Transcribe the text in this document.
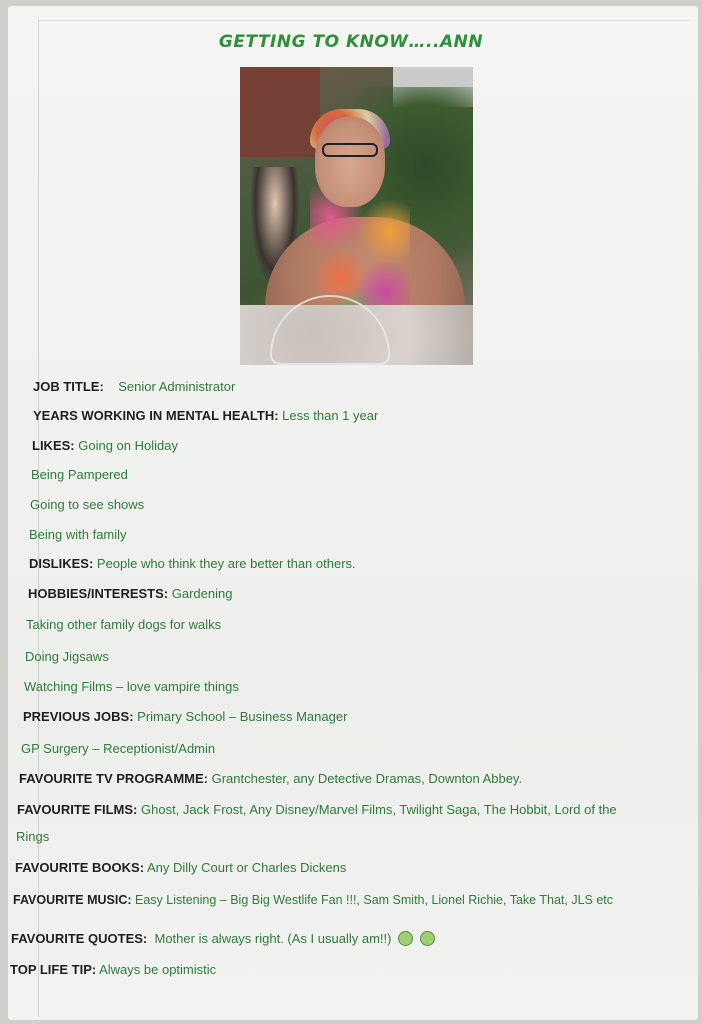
GETTING TO KNOW…..ANN
JOB TITLE: Senior Administrator
YEARS WORKING IN MENTAL HEALTH: Less than 1 year
LIKES: Going on Holiday
Being Pampered
Going to see shows
Being with family
DISLIKES: People who think they are better than others.
HOBBIES/INTERESTS: Gardening
Taking other family dogs for walks
Doing Jigsaws
Watching Films – love vampire things
PREVIOUS JOBS: Primary School – Business Manager
GP Surgery – Receptionist/Admin
FAVOURITE TV PROGRAMME: Grantchester, any Detective Dramas, Downton Abbey.
FAVOURITE FILMS: Ghost, Jack Frost, Any Disney/Marvel Films, Twilight Saga, The Hobbit, Lord of the
Rings
FAVOURITE BOOKS: Any Dilly Court or Charles Dickens
FAVOURITE MUSIC: Easy Listening – Big Big Westlife Fan !!!, Sam Smith, Lionel Richie, Take That, JLS etc
FAVOURITE QUOTES: Mother is always right. (As I usually am!!)
TOP LIFE TIP: Always be optimistic
